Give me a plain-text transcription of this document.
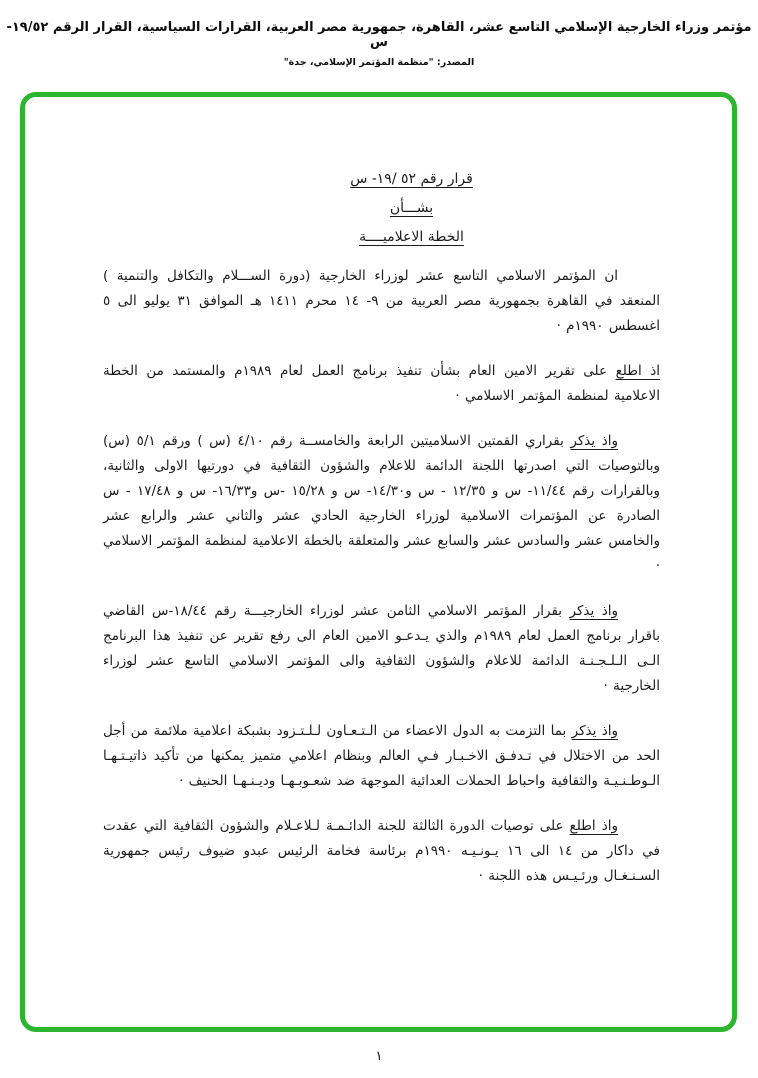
مؤتمر وزراء الخارجية الإسلامي التاسع عشر، القاهرة، جمهورية مصر العربية، القرارات السياسية، القرار الرقم ١٩/٥٢-س
المصدر: "منظمة المؤتمر الإسلامي، جدة"
قرار رقم ٥٢ /١٩- س
بشـــأن
الخطة الاعلاميــــة

ان المؤتمر الاسلامي التاسع عشر لوزراء الخارجية (دورة الســـلام والتكافل والتنمية ) المنعقد في القاهرة بجمهورية مصر العربية من ٩- ١٤ محرم ١٤١١ هـ الموافق ٣١ يوليو الى ٥ اغسطس ١٩٩٠م ·

اذ اطلع على تقرير الامين العام بشأن تنفيذ برنامج العمل لعام ١٩٨٩م والمستمد من الخطة الاعلامية لمنظمة المؤتمر الاسلامي ·

واذ يذكر بقراري القمتين الاسلاميتين الرابعة والخامســة رقم ٤/١٠ (س ) ورقم ٥/١ (س) وبالتوصيات التي اصدرتها اللجنة الدائمة للاعلام والشؤون الثقافية في دورتيها الاولى والثانية، وبالقرارات رقم ١١/٤٤- س و ١٢/٣٥ - س و١٤/٣٠- س و ١٥/٢٨ -س و١٦/٣٣- س و ١٧/٤٨ - س الصادرة عن المؤتمرات الاسلامية لوزراء الخارجية الحادي عشر والثاني عشر والرابع عشر والخامس عشر والسادس عشر والسابع عشر والمتعلقة بالخطة الاعلامية لمنظمة المؤتمر الاسلامي ·

واذ يذكر بقرار المؤتمر الاسلامي الثامن عشر لوزراء الخارجيـــة رقم ١٨/٤٤-س القاضي باقرار برنامج العمل لعام ١٩٨٩م والذي يـدعـو الامين العام الى رفع تقرير عن تنفيذ هذا البرنامج الـى الـلـجـنـة الدائمة للاعلام والشؤون الثقافية والى المؤتمر الاسلامي التاسع عشر لوزراء الخارجية ·

واذ يذكر بما التزمت به الدول الاعضاء من الـتـعـاون لـلـتـزود بشبكة اعلامية ملائمة من أجل الحد من الاختلال في تـدفـق الاخـبـار فـي العالم وبنظام اعلامي متميز يمكنها من تأكيد ذاتيـتـهـا الـوطـنـيـة والثقافية واحباط الحملات العدائية الموجهة ضد شعـوبـهـا وديـنـهـا الحنيف ·

واذ اطلع على توصيات الدورة الثالثة للجنة الدائـمـة لـلاعـلام والشؤون الثقافية التي عقدت في داكار من ١٤ الى ١٦ يـونـيـه ١٩٩٠م برئاسة فخامة الرئيس عبدو ضيوف رئيس جمهورية السـنـغـال ورئـيـس هذه اللجنة ·

١
